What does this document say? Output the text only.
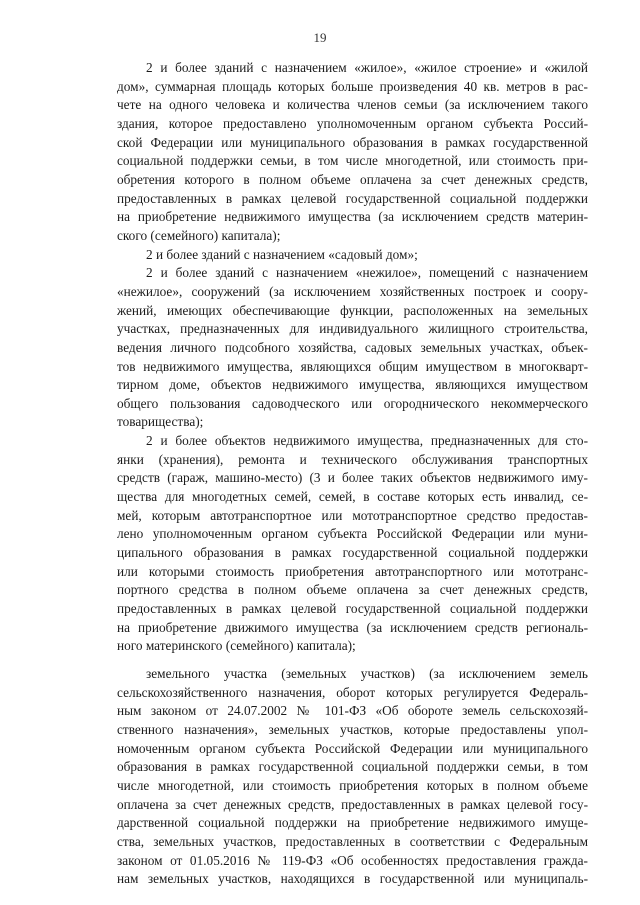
19
2 и более зданий с назначением «жилое», «жилое строение» и «жилой
дом», суммарная площадь которых больше произведения 40 кв. метров в рас-
чете на одного человека и количества членов семьи (за исключением такого
здания, которое предоставлено уполномоченным органом субъекта Россий-
ской Федерации или муниципального образования в рамках государственной
социальной поддержки семьи, в том числе многодетной, или стоимость при-
обретения которого в полном объеме оплачена за счет денежных средств,
предоставленных в рамках целевой государственной социальной поддержки
на приобретение недвижимого имущества (за исключением средств материн-
ского (семейного) капитала);
2 и более зданий с назначением «садовый дом»;
2 и более зданий с назначением «нежилое», помещений с назначением
«нежилое», сооружений (за исключением хозяйственных построек и соору-
жений, имеющих обеспечивающие функции, расположенных на земельных
участках, предназначенных для индивидуального жилищного строительства,
ведения личного подсобного хозяйства, садовых земельных участках, объек-
тов недвижимого имущества, являющихся общим имуществом в многокварт-
тирном доме, объектов недвижимого имущества, являющихся имуществом
общего пользования садоводческого или огороднического некоммерческого
товарищества);
2 и более объектов недвижимого имущества, предназначенных для сто-
янки (хранения), ремонта и технического обслуживания транспортных
средств (гараж, машино-место) (3 и более таких объектов недвижимого иму-
щества для многодетных семей, семей, в составе которых есть инвалид, се-
мей, которым автотранспортное или мототранспортное средство предостав-
лено уполномоченным органом субъекта Российской Федерации или муни-
ципального образования в рамках государственной социальной поддержки
или которыми стоимость приобретения автотранспортного или мототранс-
портного средства в полном объеме оплачена за счет денежных средств,
предоставленных в рамках целевой государственной социальной поддержки
на приобретение движимого имущества (за исключением средств региональ-
ного материнского (семейного) капитала);
земельного участка (земельных участков) (за исключением земель
сельскохозяйственного назначения, оборот которых регулируется Федераль-
ным законом от 24.07.2002 № 101-ФЗ «Об обороте земель сельскохозяй-
ственного назначения», земельных участков, которые предоставлены упол-
номоченным органом субъекта Российской Федерации или муниципального
образования в рамках государственной социальной поддержки семьи, в том
числе многодетной, или стоимость приобретения которых в полном объеме
оплачена за счет денежных средств, предоставленных в рамках целевой госу-
дарственной социальной поддержки на приобретение недвижимого имуще-
ства, земельных участков, предоставленных в соответствии с Федеральным
законом от 01.05.2016 № 119-ФЗ «Об особенностях предоставления гражда-
нам земельных участков, находящихся в государственной или муниципаль-
